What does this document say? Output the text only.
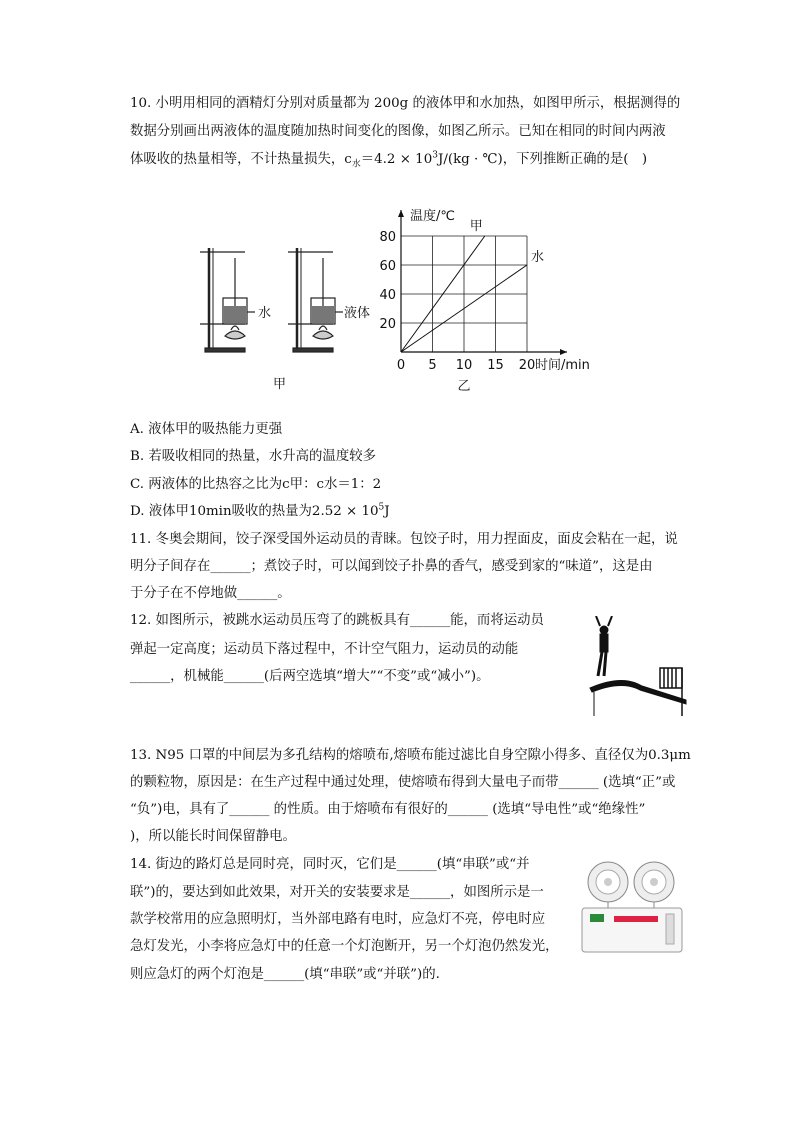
10. 小明用相同的酒精灯分别对质量都为 200g 的液体甲和水加热，如图甲所示，根据测得的
数据分别画出两液体的温度随加热时间变化的图像，如图乙所示。已知在相同的时间内两液
体吸收的热量相等，不计热量损失，$c_水=4.2 \times 10^3J/(kg$ · ℃)，下列推断正确的是(　)
水	液体
甲
0 5 10 15 20
20
40
60
80
温度/℃
时间/min
甲
水
乙
A. 液体甲的吸热能力更强
B. 若吸收相同的热量，水升高的温度较多
C. 两液体的比热容之比为c甲：c水＝1：2
D. 液体甲10min吸收的热量为$2.52 \times 10^5J$
11. 冬奥会期间，饺子深受国外运动员的青睐。包饺子时，用力捏面皮，面皮会粘在一起，说
明分子间存在______；煮饺子时，可以闻到饺子扑鼻的香气，感受到家的“味道”，这是由
于分子在不停地做______。
12. 如图所示，被跳水运动员压弯了的跳板具有______能，而将运动员
弹起一定高度；运动员下落过程中，不计空气阻力，运动员的动能
______，机械能______(后两空选填“增大”“不变”或“减小”)。
13. N95 口罩的中间层为多孔结构的熔喷布,熔喷布能过滤比自身空隙小得多、直径仅为0.3μm
的颗粒物，原因是：在生产过程中通过处理，使熔喷布得到大量电子而带______ (选填“正”或
“负”)电，具有了______ 的性质。由于熔喷布有很好的______ (选填“导电性”或“绝缘性”
)，所以能长时间保留静电。
14. 街边的路灯总是同时亮，同时灭，它们是______(填“串联”或“并
联”)的，要达到如此效果，对开关的安装要求是______，如图所示是一
款学校常用的应急照明灯，当外部电路有电时，应急灯不亮，停电时应
急灯发光，小李将应急灯中的任意一个灯泡断开，另一个灯泡仍然发光，
则应急灯的两个灯泡是______(填“串联”或“并联”)的.
